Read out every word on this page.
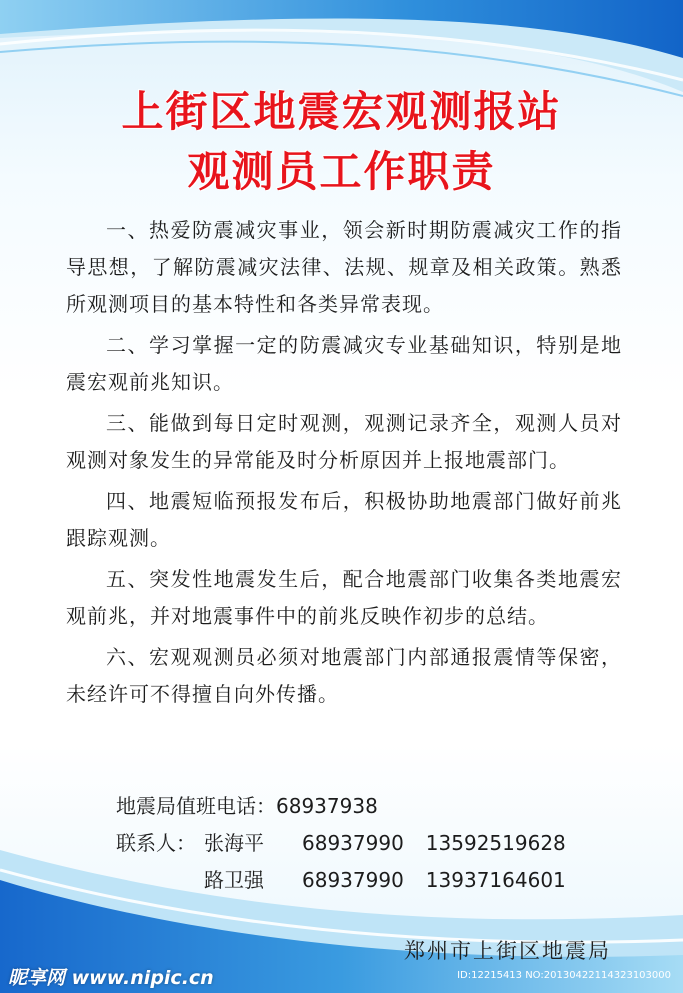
上街区地震宏观测报站
观测员工作职责

一、热爱防震减灾事业，领会新时期防震减灾工作的指导思想，了解防震减灾法律、法规、规章及相关政策。熟悉所观测项目的基本特性和各类异常表现。

二、学习掌握一定的防震减灾专业基础知识，特别是地震宏观前兆知识。

三、能做到每日定时观测，观测记录齐全，观测人员对观测对象发生的异常能及时分析原因并上报地震部门。

四、地震短临预报发布后，积极协助地震部门做好前兆跟踪观测。

五、突发性地震发生后，配合地震部门收集各类地震宏观前兆，并对地震事件中的前兆反映作初步的总结。

六、宏观观测员必须对地震部门内部通报震情等保密，未经许可不得擅自向外传播。

地震局值班电话：68937938
联系人： 张海平 68937990 13592519628
路卫强 68937990 13937164601
郑州市上街区地震局
昵享网 www.nipic.cn	ID:12215413 NO:20130422114323103000
